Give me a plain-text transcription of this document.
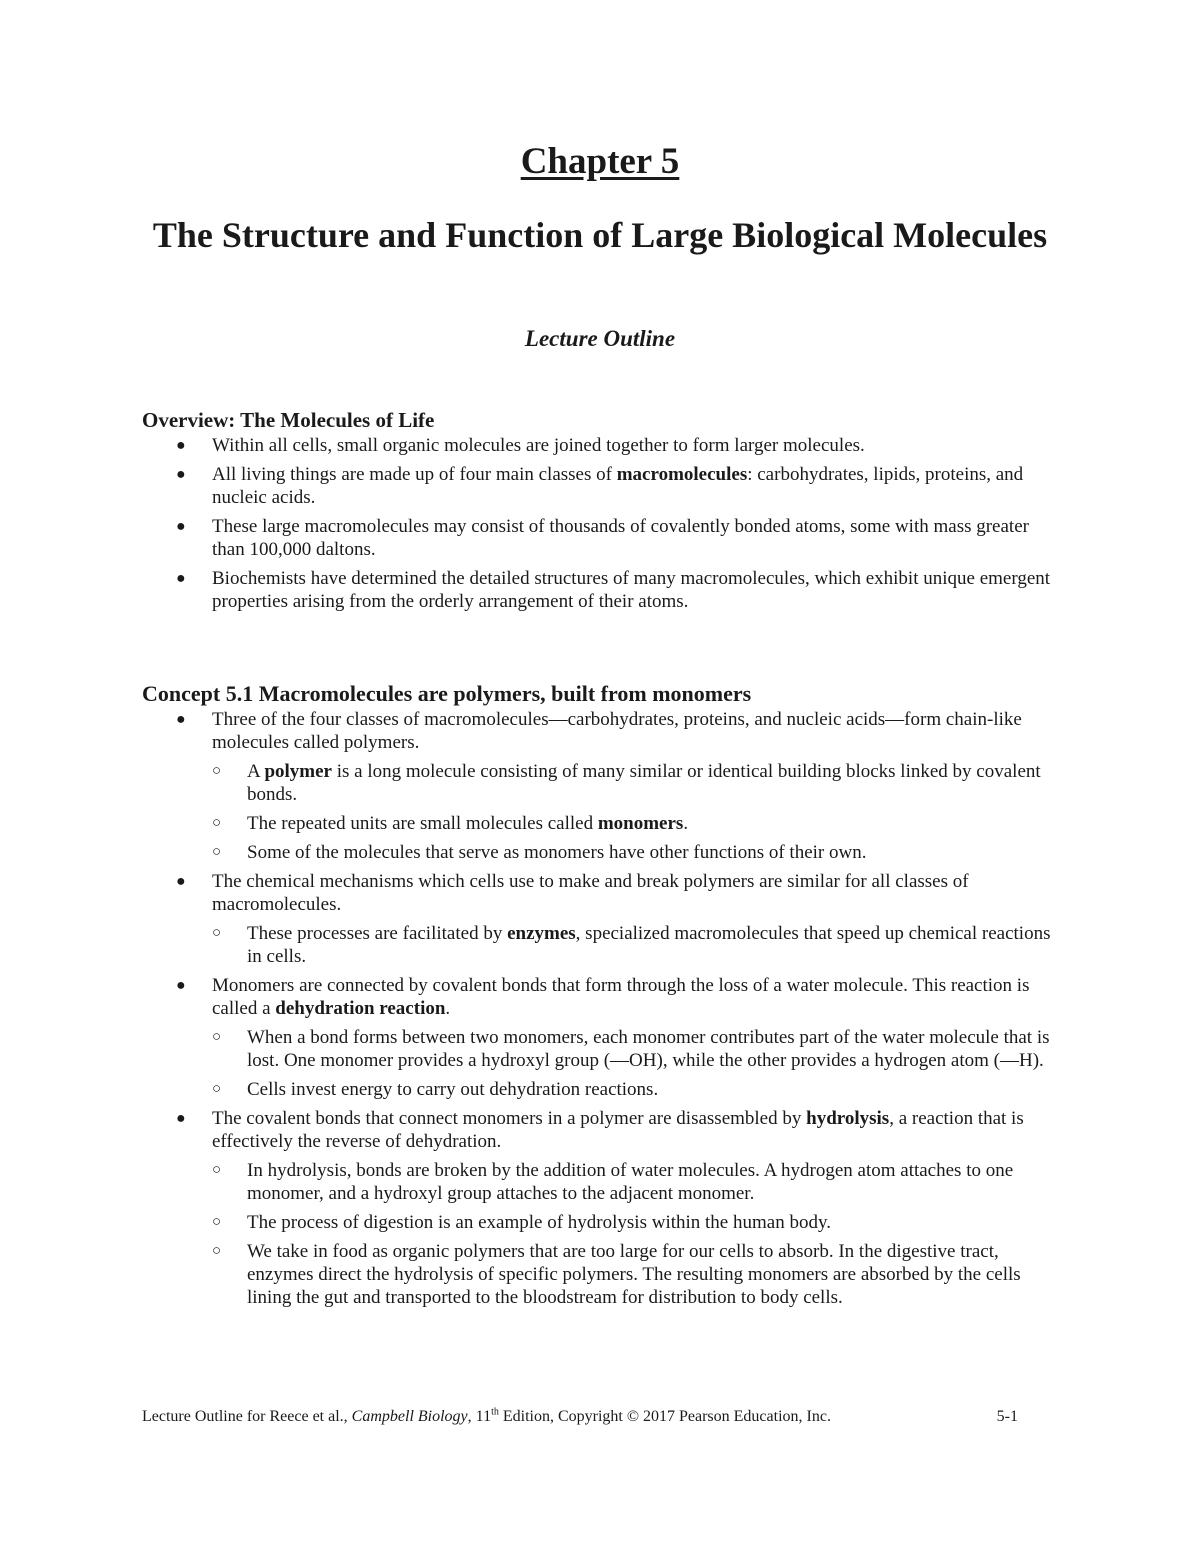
Chapter 5
The Structure and Function of Large Biological Molecules
Lecture Outline
Overview: The Molecules of Life
● Within all cells, small organic molecules are joined together to form larger molecules.
● All living things are made up of four main classes of macromolecules: carbohydrates, lipids, proteins, and nucleic acids.
● These large macromolecules may consist of thousands of covalently bonded atoms, some with mass greater than 100,000 daltons.
● Biochemists have determined the detailed structures of many macromolecules, which exhibit unique emergent properties arising from the orderly arrangement of their atoms.
Concept 5.1 Macromolecules are polymers, built from monomers
● Three of the four classes of macromolecules—carbohydrates, proteins, and nucleic acids—form chain-like molecules called polymers.
○ A polymer is a long molecule consisting of many similar or identical building blocks linked by covalent bonds.
○ The repeated units are small molecules called monomers.
○ Some of the molecules that serve as monomers have other functions of their own.
● The chemical mechanisms which cells use to make and break polymers are similar for all classes of macromolecules.
○ These processes are facilitated by enzymes, specialized macromolecules that speed up chemical reactions in cells.
● Monomers are connected by covalent bonds that form through the loss of a water molecule. This reaction is called a dehydration reaction.
○ When a bond forms between two monomers, each monomer contributes part of the water molecule that is lost. One monomer provides a hydroxyl group (—OH), while the other provides a hydrogen atom (—H).
○ Cells invest energy to carry out dehydration reactions.
● The covalent bonds that connect monomers in a polymer are disassembled by hydrolysis, a reaction that is effectively the reverse of dehydration.
○ In hydrolysis, bonds are broken by the addition of water molecules. A hydrogen atom attaches to one monomer, and a hydroxyl group attaches to the adjacent monomer.
○ The process of digestion is an example of hydrolysis within the human body.
○ We take in food as organic polymers that are too large for our cells to absorb. In the digestive tract, enzymes direct the hydrolysis of specific polymers. The resulting monomers are absorbed by the cells lining the gut and transported to the bloodstream for distribution to body cells.
Lecture Outline for Reece et al., Campbell Biology, 11th Edition, Copyright © 2017 Pearson Education, Inc.	5-1
